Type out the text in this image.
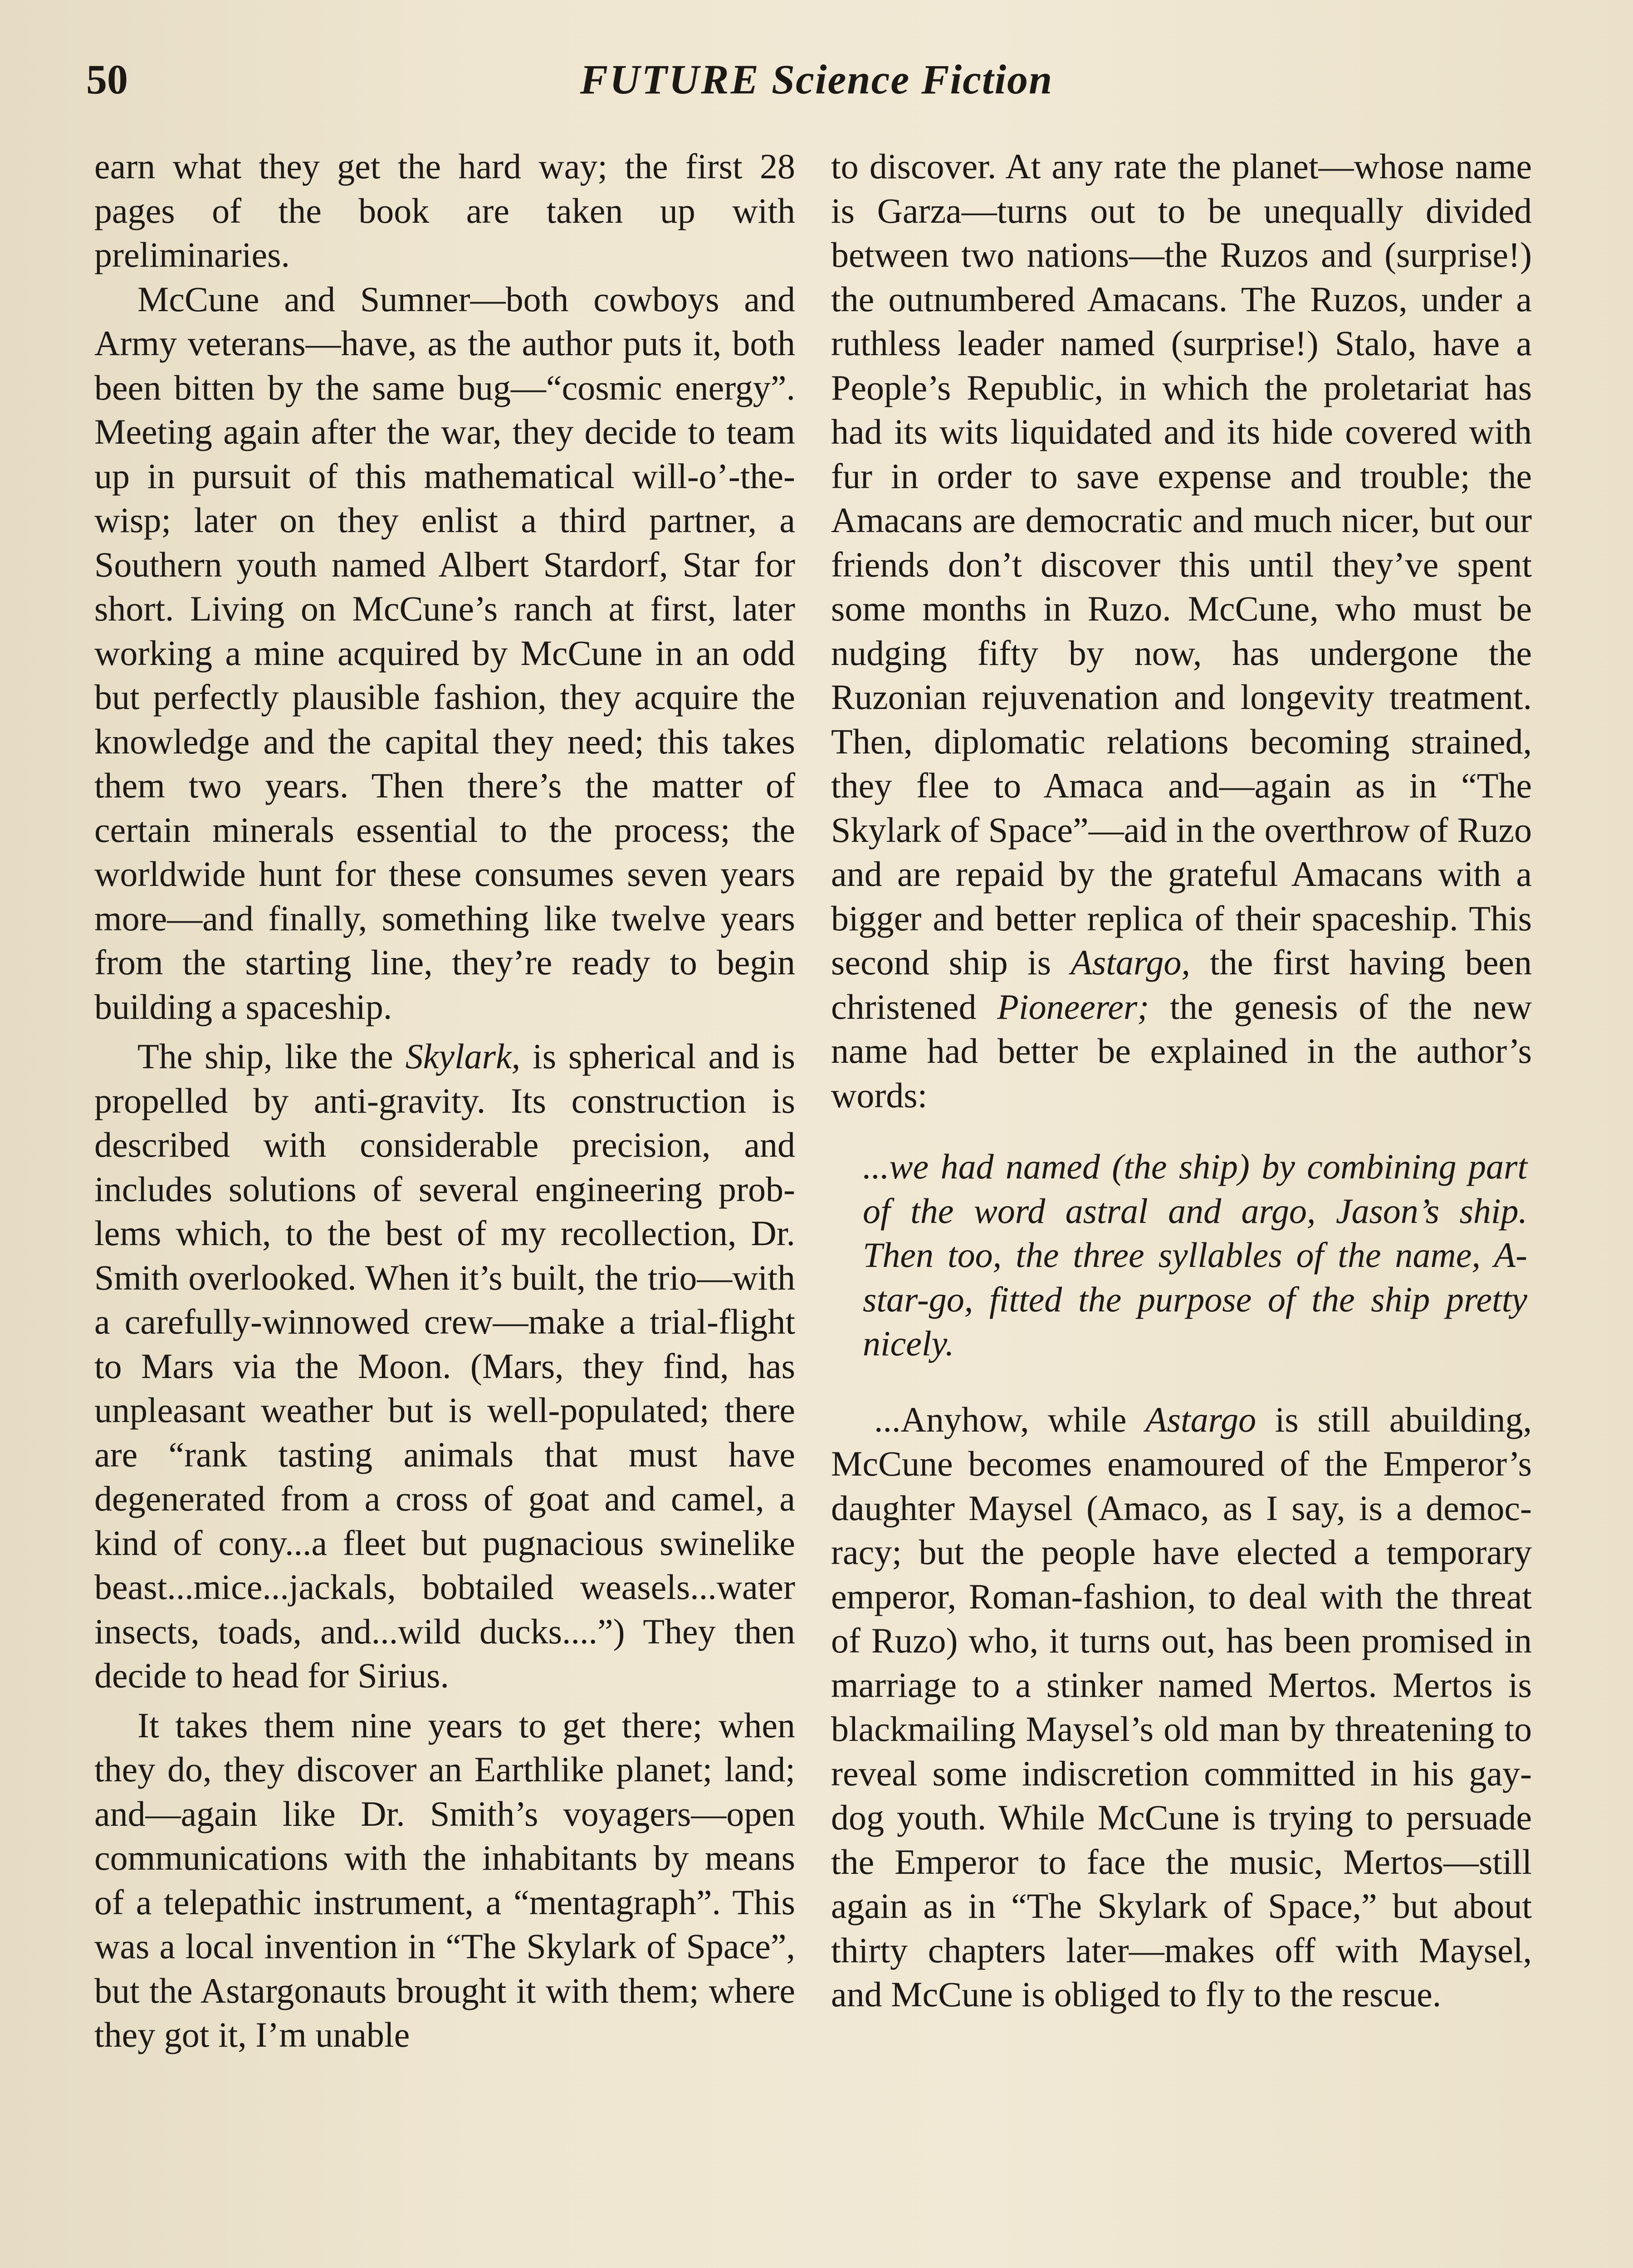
50	FUTURE Science Fiction

earn what they get the hard way; the first 28 pages of the book are taken up with preliminaries.

McCune and Sumner—both cowboys and Army veterans—have, as the author puts it, both been bitten by the same bug—“cosmic energy”. Meeting again after the war, they decide to team up in pursuit of this mathematical will-o’-the-wisp; later on they enlist a third partner, a Southern youth named Albert Stardorf, Star for short. Living on McCune’s ranch at first, later working a mine acquired by McCune in an odd but perfectly plausible fashion, they acquire the knowledge and the capital they need; this takes them two years. Then there’s the matter of certain minerals essential to the process; the worldwide hunt for these consumes seven years more—and finally, something like twelve years from the starting line, they’re ready to begin building a spaceship.

The ship, like the Skylark, is spherical and is propelled by anti-gravity. Its construction is described with considerable precision, and includes solutions of several engineering problems which, to the best of my recollection, Dr. Smith overlooked. When it’s built, the trio—with a carefully-winnowed crew—make a trial-flight to Mars via the Moon. (Mars, they find, has unpleasant weather but is well-populated; there are “rank tasting animals that must have degenerated from a cross of goat and camel, a kind of cony...a fleet but pugnacious swinelike beast...mice...jackals, bobtailed weasels...water insects, toads, and...wild ducks....”) They then decide to head for Sirius.

It takes them nine years to get there; when they do, they discover an Earthlike planet; land; and—again like Dr. Smith’s voyagers—open communications with the inhabitants by means of a telepathic instrument, a “mentagraph”. This was a local invention in “The Skylark of Space”, but the Astargonauts brought it with them; where they got it, I’m unable

to discover. At any rate the planet—whose name is Garza—turns out to be unequally divided between two nations—the Ruzos and (surprise!) the outnumbered Amacans. The Ruzos, under a ruthless leader named (surprise!) Stalo, have a People’s Republic, in which the proletariat has had its wits liquidated and its hide covered with fur in order to save expense and trouble; the Amacans are democratic and much nicer, but our friends don’t discover this until they’ve spent some months in Ruzo. McCune, who must be nudging fifty by now, has undergone the Ruzonian rejuvenation and longevity treatment. Then, diplomatic relations becoming strained, they flee to Amaca and—again as in “The Skylark of Space”—aid in the overthrow of Ruzo and are repaid by the grateful Amacans with a bigger and better replica of their spaceship. This second ship is Astargo, the first having been christened Pioneerer; the genesis of the new name had better be explained in the author’s words:

...we had named (the ship) by combining part of the word astral and argo, Jason’s ship. Then too, the three syllables of the name, A-star-go, fitted the purpose of the ship pretty nicely.

...Anyhow, while Astargo is still abuilding, McCune becomes enamoured of the Emperor’s daughter Maysel (Amaco, as I say, is a democracy; but the people have elected a temporary emperor, Roman-fashion, to deal with the threat of Ruzo) who, it turns out, has been promised in marriage to a stinker named Mertos. Mertos is blackmailing Maysel’s old man by threatening to reveal some indiscretion committed in his gay-dog youth. While McCune is trying to persuade the Emperor to face the music, Mertos—still again as in “The Skylark of Space,” but about thirty chapters later—makes off with Maysel, and McCune is obliged to fly to the rescue.
